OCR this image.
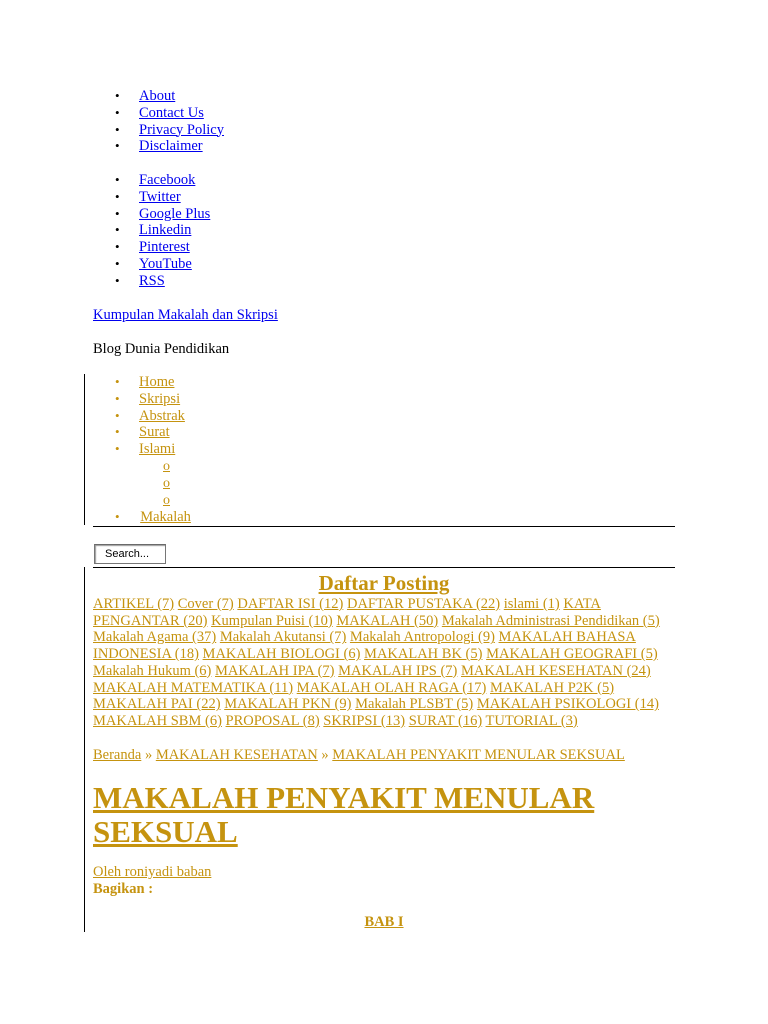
• About
• Contact Us
• Privacy Policy
• Disclaimer
• Facebook
• Twitter
• Google Plus
• Linkedin
• Pinterest
• YouTube
• RSS
Kumpulan Makalah dan Skripsi
Blog Dunia Pendidikan
• Home
• Skripsi
• Abstrak
• Surat
• Islami
o
o
o
• Makalah
Search...
Daftar Posting
ARTIKEL (7) Cover (7) DAFTAR ISI (12) DAFTAR PUSTAKA (22) islami (1) KATA PENGANTAR (20) Kumpulan Puisi (10) MAKALAH (50) Makalah Administrasi Pendidikan (5) Makalah Agama (37) Makalah Akutansi (7) Makalah Antropologi (9) MAKALAH BAHASA INDONESIA (18) MAKALAH BIOLOGI (6) MAKALAH BK (5) MAKALAH GEOGRAFI (5) Makalah Hukum (6) MAKALAH IPA (7) MAKALAH IPS (7) MAKALAH KESEHATAN (24) MAKALAH MATEMATIKA (11) MAKALAH OLAH RAGA (17) MAKALAH P2K (5) MAKALAH PAI (22) MAKALAH PKN (9) Makalah PLSBT (5) MAKALAH PSIKOLOGI (14) MAKALAH SBM (6) PROPOSAL (8) SKRIPSI (13) SURAT (16) TUTORIAL (3)
Beranda » MAKALAH KESEHATAN » MAKALAH PENYAKIT MENULAR SEKSUAL
MAKALAH PENYAKIT MENULAR SEKSUAL
Oleh roniyadi baban
Bagikan :
BAB I
